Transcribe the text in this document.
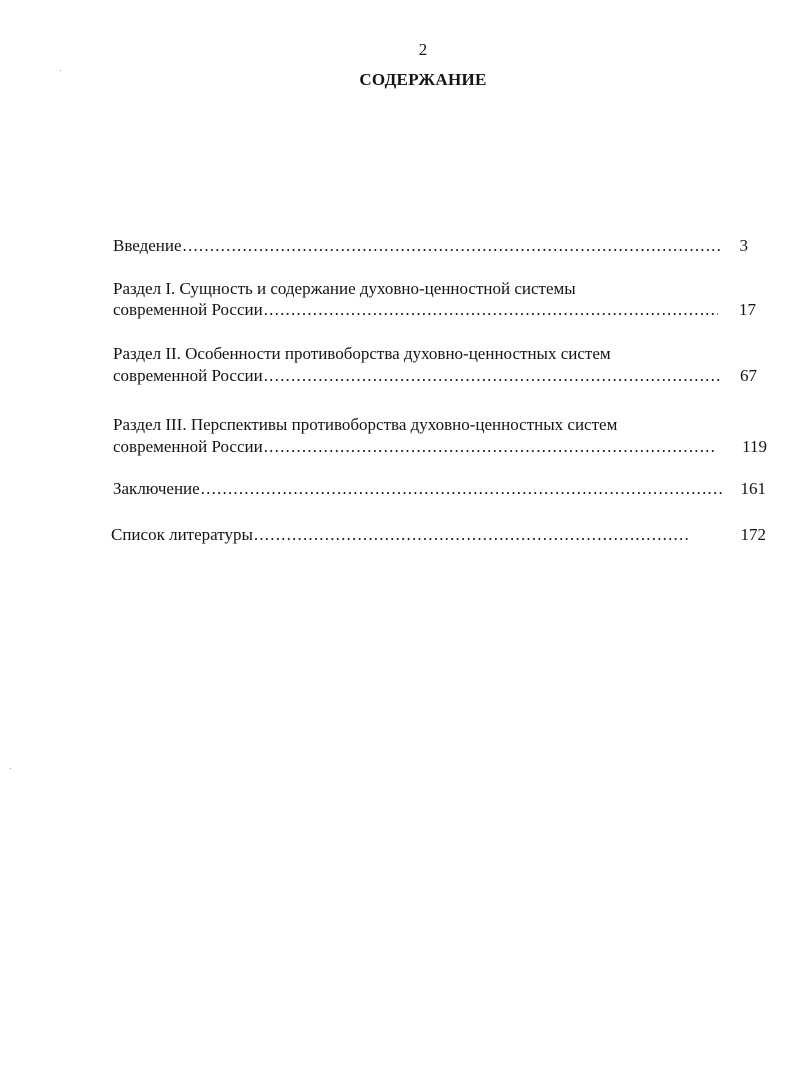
2
СОДЕРЖАНИЕ
Введение .....	3
Раздел I. Сущность и содержание духовно-ценностной системы
современной России .....	17
Раздел II. Особенности противоборства духовно-ценностных систем
современной России .....	67
Раздел III. Перспективы противоборства духовно-ценностных систем
современной России .....	119
Заключение .....	161
Список литературы .....	172
